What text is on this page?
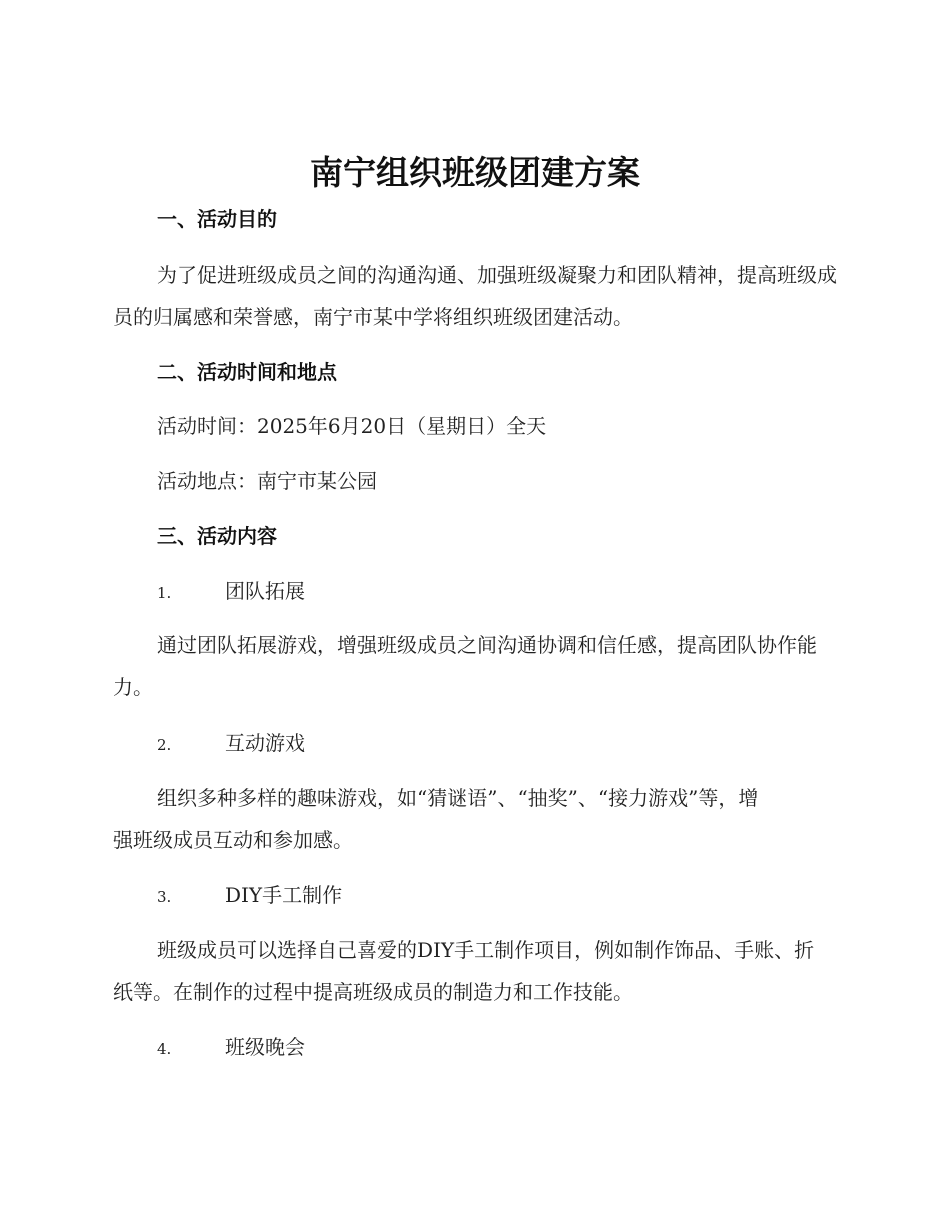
南宁组织班级团建方案
一、活动目的
为了促进班级成员之间的沟通沟通、加强班级凝聚力和团队精神，提高班级成员的归属感和荣誉感，南宁市某中学将组织班级团建活动。
二、活动时间和地点
活动时间：2025年6月20日（星期日）全天
活动地点：南宁市某公园
三、活动内容
1.	团队拓展
通过团队拓展游戏，增强班级成员之间沟通协调和信任感，提高团队协作能力。
2.	互动游戏
组织多种多样的趣味游戏，如“猜谜语”、“抽奖”、“接力游戏”等，增强班级成员互动和参加感。
3.	DIY手工制作
班级成员可以选择自己喜爱的DIY手工制作项目，例如制作饰品、手账、折纸等。在制作的过程中提高班级成员的制造力和工作技能。
4.	班级晚会
